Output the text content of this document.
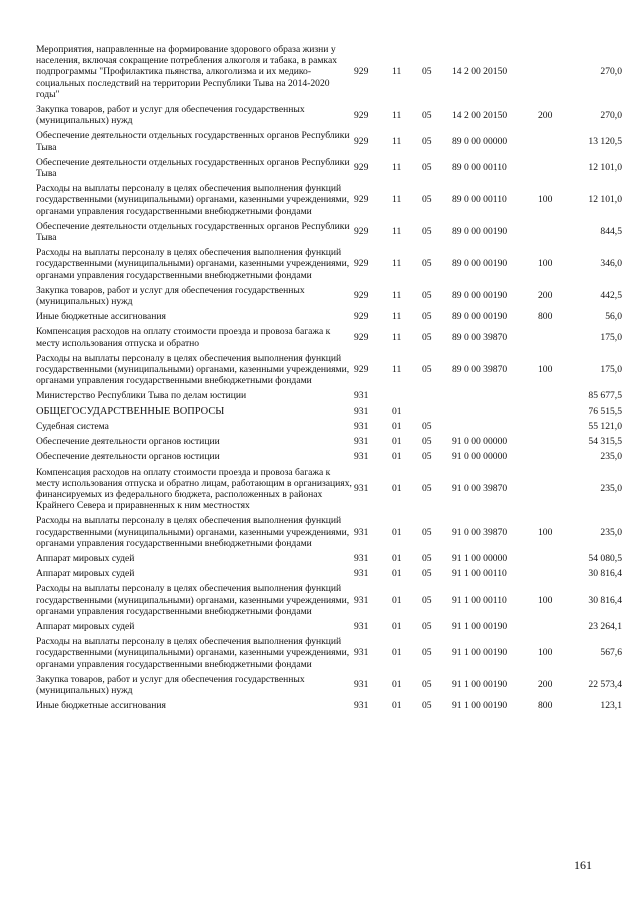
Мероприятия, направленные на формирование здорового образа жизни у населения, включая сокращение потребления алкоголя и табака, в рамках подпрограммы "Профилактика пьянства, алкоголизма и их медико-социальных последствий на территории Республики Тыва на 2014-2020 годы"	929	11	05	14 2 00 20150		270,0
Закупка товаров, работ и услуг для обеспечения государственных (муниципальных) нужд	929	11	05	14 2 00 20150	200	270,0
Обеспечение деятельности отдельных государственных органов Республики Тыва	929	11	05	89 0 00 00000		13 120,5
Обеспечение деятельности отдельных государственных органов Республики Тыва	929	11	05	89 0 00 00110		12 101,0
Расходы на выплаты персоналу в целях обеспечения выполнения функций государственными (муниципальными) органами, казенными учреждениями, органами управления государственными внебюджетными фондами	929	11	05	89 0 00 00110	100	12 101,0
Обеспечение деятельности отдельных государственных органов Республики Тыва	929	11	05	89 0 00 00190		844,5
Расходы на выплаты персоналу в целях обеспечения выполнения функций государственными (муниципальными) органами, казенными учреждениями, органами управления государственными внебюджетными фондами	929	11	05	89 0 00 00190	100	346,0
Закупка товаров, работ и услуг для обеспечения государственных (муниципальных) нужд	929	11	05	89 0 00 00190	200	442,5
Иные бюджетные ассигнования	929	11	05	89 0 00 00190	800	56,0
Компенсация расходов на оплату стоимости проезда и провоза багажа к месту использования отпуска и обратно	929	11	05	89 0 00 39870		175,0
Расходы на выплаты персоналу в целях обеспечения выполнения функций государственными (муниципальными) органами, казенными учреждениями, органами управления государственными внебюджетными фондами	929	11	05	89 0 00 39870	100	175,0
Министерство Республики Тыва по делам юстиции	931					85 677,5
ОБЩЕГОСУДАРСТВЕННЫЕ ВОПРОСЫ	931	01				76 515,5
Судебная система	931	01	05			55 121,0
Обеспечение деятельности органов юстиции	931	01	05	91 0 00 00000		54 315,5
Обеспечение деятельности органов юстиции	931	01	05	91 0 00 00000		235,0
Компенсация расходов на оплату стоимости проезда и провоза багажа к месту использования отпуска и обратно лицам, работающим в организациях, финансируемых из федерального бюджета, расположенных в районах Крайнего Севера и приравненных к ним местностях	931	01	05	91 0 00 39870		235,0
Расходы на выплаты персоналу в целях обеспечения выполнения функций государственными (муниципальными) органами, казенными учреждениями, органами управления государственными внебюджетными фондами	931	01	05	91 0 00 39870	100	235,0
Аппарат мировых судей	931	01	05	91 1 00 00000		54 080,5
Аппарат мировых судей	931	01	05	91 1 00 00110		30 816,4
Расходы на выплаты персоналу в целях обеспечения выполнения функций государственными (муниципальными) органами, казенными учреждениями, органами управления государственными внебюджетными фондами	931	01	05	91 1 00 00110	100	30 816,4
Аппарат мировых судей	931	01	05	91 1 00 00190		23 264,1
Расходы на выплаты персоналу в целях обеспечения выполнения функций государственными (муниципальными) органами, казенными учреждениями, органами управления государственными внебюджетными фондами	931	01	05	91 1 00 00190	100	567,6
Закупка товаров, работ и услуг для обеспечения государственных (муниципальных) нужд	931	01	05	91 1 00 00190	200	22 573,4
Иные бюджетные ассигнования	931	01	05	91 1 00 00190	800	123,1
161
